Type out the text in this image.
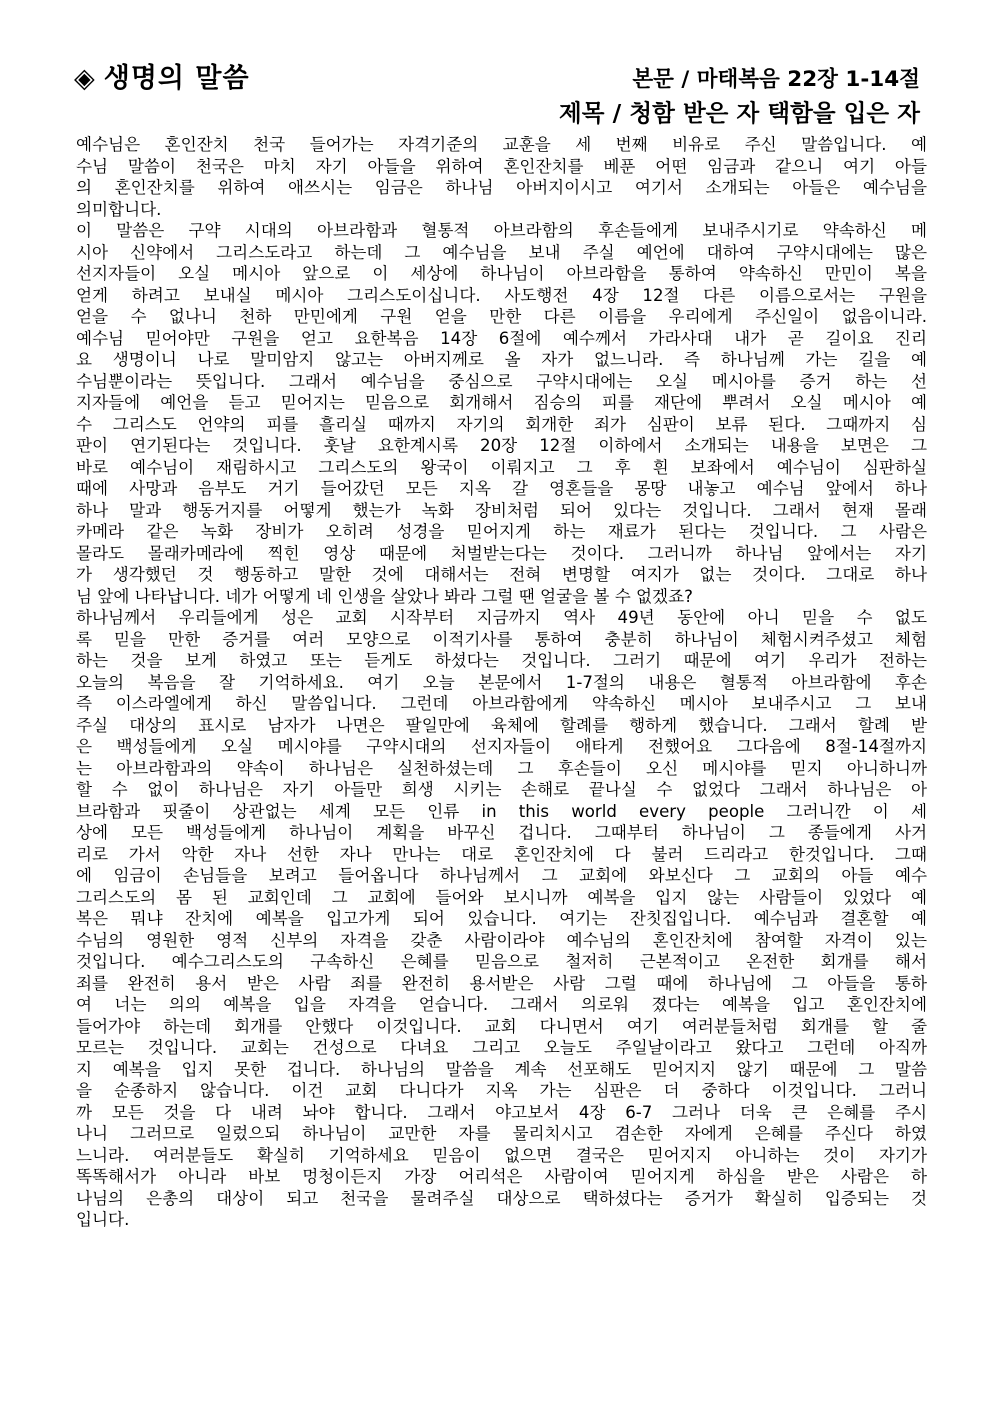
◈ 생명의 말씀	본문 / 마태복음 22장 1-14절
제목 / 청함 받은 자 택함을 입은 자
예수님은 혼인잔치 천국 들어가는 자격기준의 교훈을 세 번째 비유로 주신 말씀입니다. 예
수님 말씀이 천국은 마치 자기 아들을 위하여 혼인잔치를 베푼 어떤 임금과 같으니 여기 아들
의 혼인잔치를 위하여 애쓰시는 임금은 하나님 아버지이시고 여기서 소개되는 아들은 예수님을
의미합니다.
이 말씀은 구약 시대의 아브라함과 혈통적 아브라함의 후손들에게 보내주시기로 약속하신 메
시아 신약에서 그리스도라고 하는데 그 예수님을 보내 주실 예언에 대하여 구약시대에는 많은
선지자들이 오실 메시아 앞으로 이 세상에 하나님이 아브라함을 통하여 약속하신 만민이 복을
얻게 하려고 보내실 메시아 그리스도이십니다. 사도행전 4장 12절 다른 이름으로서는 구원을
얻을 수 없나니 천하 만민에게 구원 얻을 만한 다른 이름을 우리에게 주신일이 없음이니라.
예수님 믿어야만 구원을 얻고 요한복음 14장 6절에 예수께서 가라사대 내가 곧 길이요 진리
요 생명이니 나로 말미암지 않고는 아버지께로 올 자가 없느니라. 즉 하나님께 가는 길을 예
수님뿐이라는 뜻입니다. 그래서 예수님을 중심으로 구약시대에는 오실 메시아를 증거 하는 선
지자들에 예언을 듣고 믿어지는 믿음으로 회개해서 짐승의 피를 재단에 뿌려서 오실 메시아 예
수 그리스도 언약의 피를 흘리실 때까지 자기의 회개한 죄가 심판이 보류 된다. 그때까지 심
판이 연기된다는 것입니다. 훗날 요한계시록 20장 12절 이하에서 소개되는 내용을 보면은 그
바로 예수님이 재림하시고 그리스도의 왕국이 이뤄지고 그 후 흰 보좌에서 예수님이 심판하실
때에 사망과 음부도 거기 들어갔던 모든 지옥 갈 영혼들을 몽땅 내놓고 예수님 앞에서 하나
하나 말과 행동거지를 어떻게 했는가 녹화 장비처럼 되어 있다는 것입니다. 그래서 현재 몰래
카메라 같은 녹화 장비가 오히려 성경을 믿어지게 하는 재료가 된다는 것입니다. 그 사람은
몰라도 몰래카메라에 찍힌 영상 때문에 처벌받는다는 것이다. 그러니까 하나님 앞에서는 자기
가 생각했던 것 행동하고 말한 것에 대해서는 전혀 변명할 여지가 없는 것이다. 그대로 하나
님 앞에 나타납니다. 네가 어떻게 네 인생을 살았나 봐라 그럴 땐 얼굴을 볼 수 없겠죠?
하나님께서 우리들에게 성은 교회 시작부터 지금까지 역사 49년 동안에 아니 믿을 수 없도
록 믿을 만한 증거를 여러 모양으로 이적기사를 통하여 충분히 하나님이 체험시켜주셨고 체험
하는 것을 보게 하였고 또는 듣게도 하셨다는 것입니다. 그러기 때문에 여기 우리가 전하는
오늘의 복음을 잘 기억하세요. 여기 오늘 본문에서 1-7절의 내용은 혈통적 아브라함에 후손
즉 이스라엘에게 하신 말씀입니다. 그런데 아브라함에게 약속하신 메시아 보내주시고 그 보내
주실 대상의 표시로 남자가 나면은 팔일만에 육체에 할례를 행하게 했습니다. 그래서 할례 받
은 백성들에게 오실 메시야를 구약시대의 선지자들이 애타게 전했어요 그다음에 8절-14절까지
는 아브라함과의 약속이 하나님은 실천하셨는데 그 후손들이 오신 메시야를 믿지 아니하니까
할 수 없이 하나님은 자기 아들만 희생 시키는 손해로 끝나실 수 없었다 그래서 하나님은 아
브라함과 핏줄이 상관없는 세계 모든 인류 in this world every people 그러니깐 이 세
상에 모든 백성들에게 하나님이 계획을 바꾸신 겁니다. 그때부터 하나님이 그 종들에게 사거
리로 가서 악한 자나 선한 자나 만나는 대로 혼인잔치에 다 불러 드리라고 한것입니다. 그때
에 임금이 손님들을 보려고 들어옵니다 하나님께서 그 교회에 와보신다 그 교회의 아들 예수
그리스도의 몸 된 교회인데 그 교회에 들어와 보시니까 예복을 입지 않는 사람들이 있었다 예
복은 뭐냐 잔치에 예복을 입고가게 되어 있습니다. 여기는 잔칫집입니다. 예수님과 결혼할 예
수님의 영원한 영적 신부의 자격을 갖춘 사람이라야 예수님의 혼인잔치에 참여할 자격이 있는
것입니다. 예수그리스도의 구속하신 은혜를 믿음으로 철저히 근본적이고 온전한 회개를 해서
죄를 완전히 용서 받은 사람 죄를 완전히 용서받은 사람 그럴 때에 하나님에 그 아들을 통하
여 너는 의의 예복을 입을 자격을 얻습니다. 그래서 의로워 졌다는 예복을 입고 혼인잔치에
들어가야 하는데 회개를 안했다 이것입니다. 교회 다니면서 여기 여러분들처럼 회개를 할 줄
모르는 것입니다. 교회는 건성으로 다녀요 그리고 오늘도 주일날이라고 왔다고 그런데 아직까
지 예복을 입지 못한 겁니다. 하나님의 말씀을 계속 선포해도 믿어지지 않기 때문에 그 말씀
을 순종하지 않습니다. 이건 교회 다니다가 지옥 가는 심판은 더 중하다 이것입니다. 그러니
까 모든 것을 다 내려 놔야 합니다. 그래서 야고보서 4장 6-7 그러나 더욱 큰 은혜를 주시
나니 그러므로 일렀으되 하나님이 교만한 자를 물리치시고 겸손한 자에게 은혜를 주신다 하였
느니라. 여러분들도 확실히 기억하세요 믿음이 없으면 결국은 믿어지지 아니하는 것이 자기가
똑똑해서가 아니라 바보 멍청이든지 가장 어리석은 사람이여 믿어지게 하심을 받은 사람은 하
나님의 은총의 대상이 되고 천국을 물려주실 대상으로 택하셨다는 증거가 확실히 입증되는 것
입니다.
